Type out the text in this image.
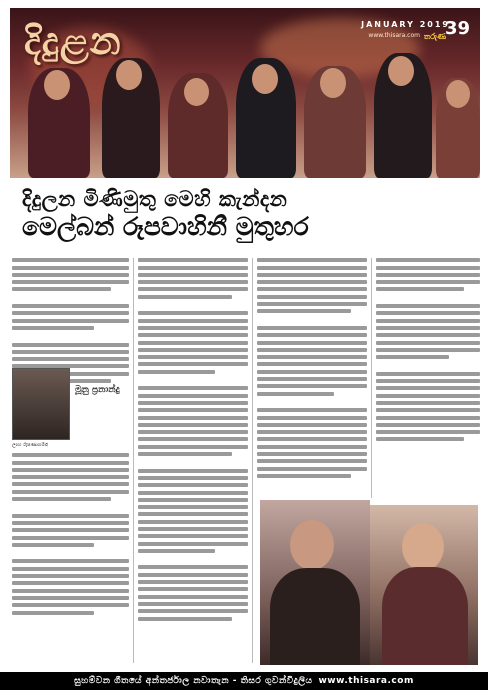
දිදුළන	JANUARY 2019
www.thisara.com තරුණ
39
දිදුලන මිණිමුතු මෙහි කැන්දන
මෙල්බන් රූපවාහිනී මුතුහර
මූනු ප්‍රනාන්දු
ලාහ රුපණාගමඅ
සුහම්වන ගීතයේ අන්තර්ජාල නවාතැන - තිසර ගුවන්විදුලිය www.thisara.com
